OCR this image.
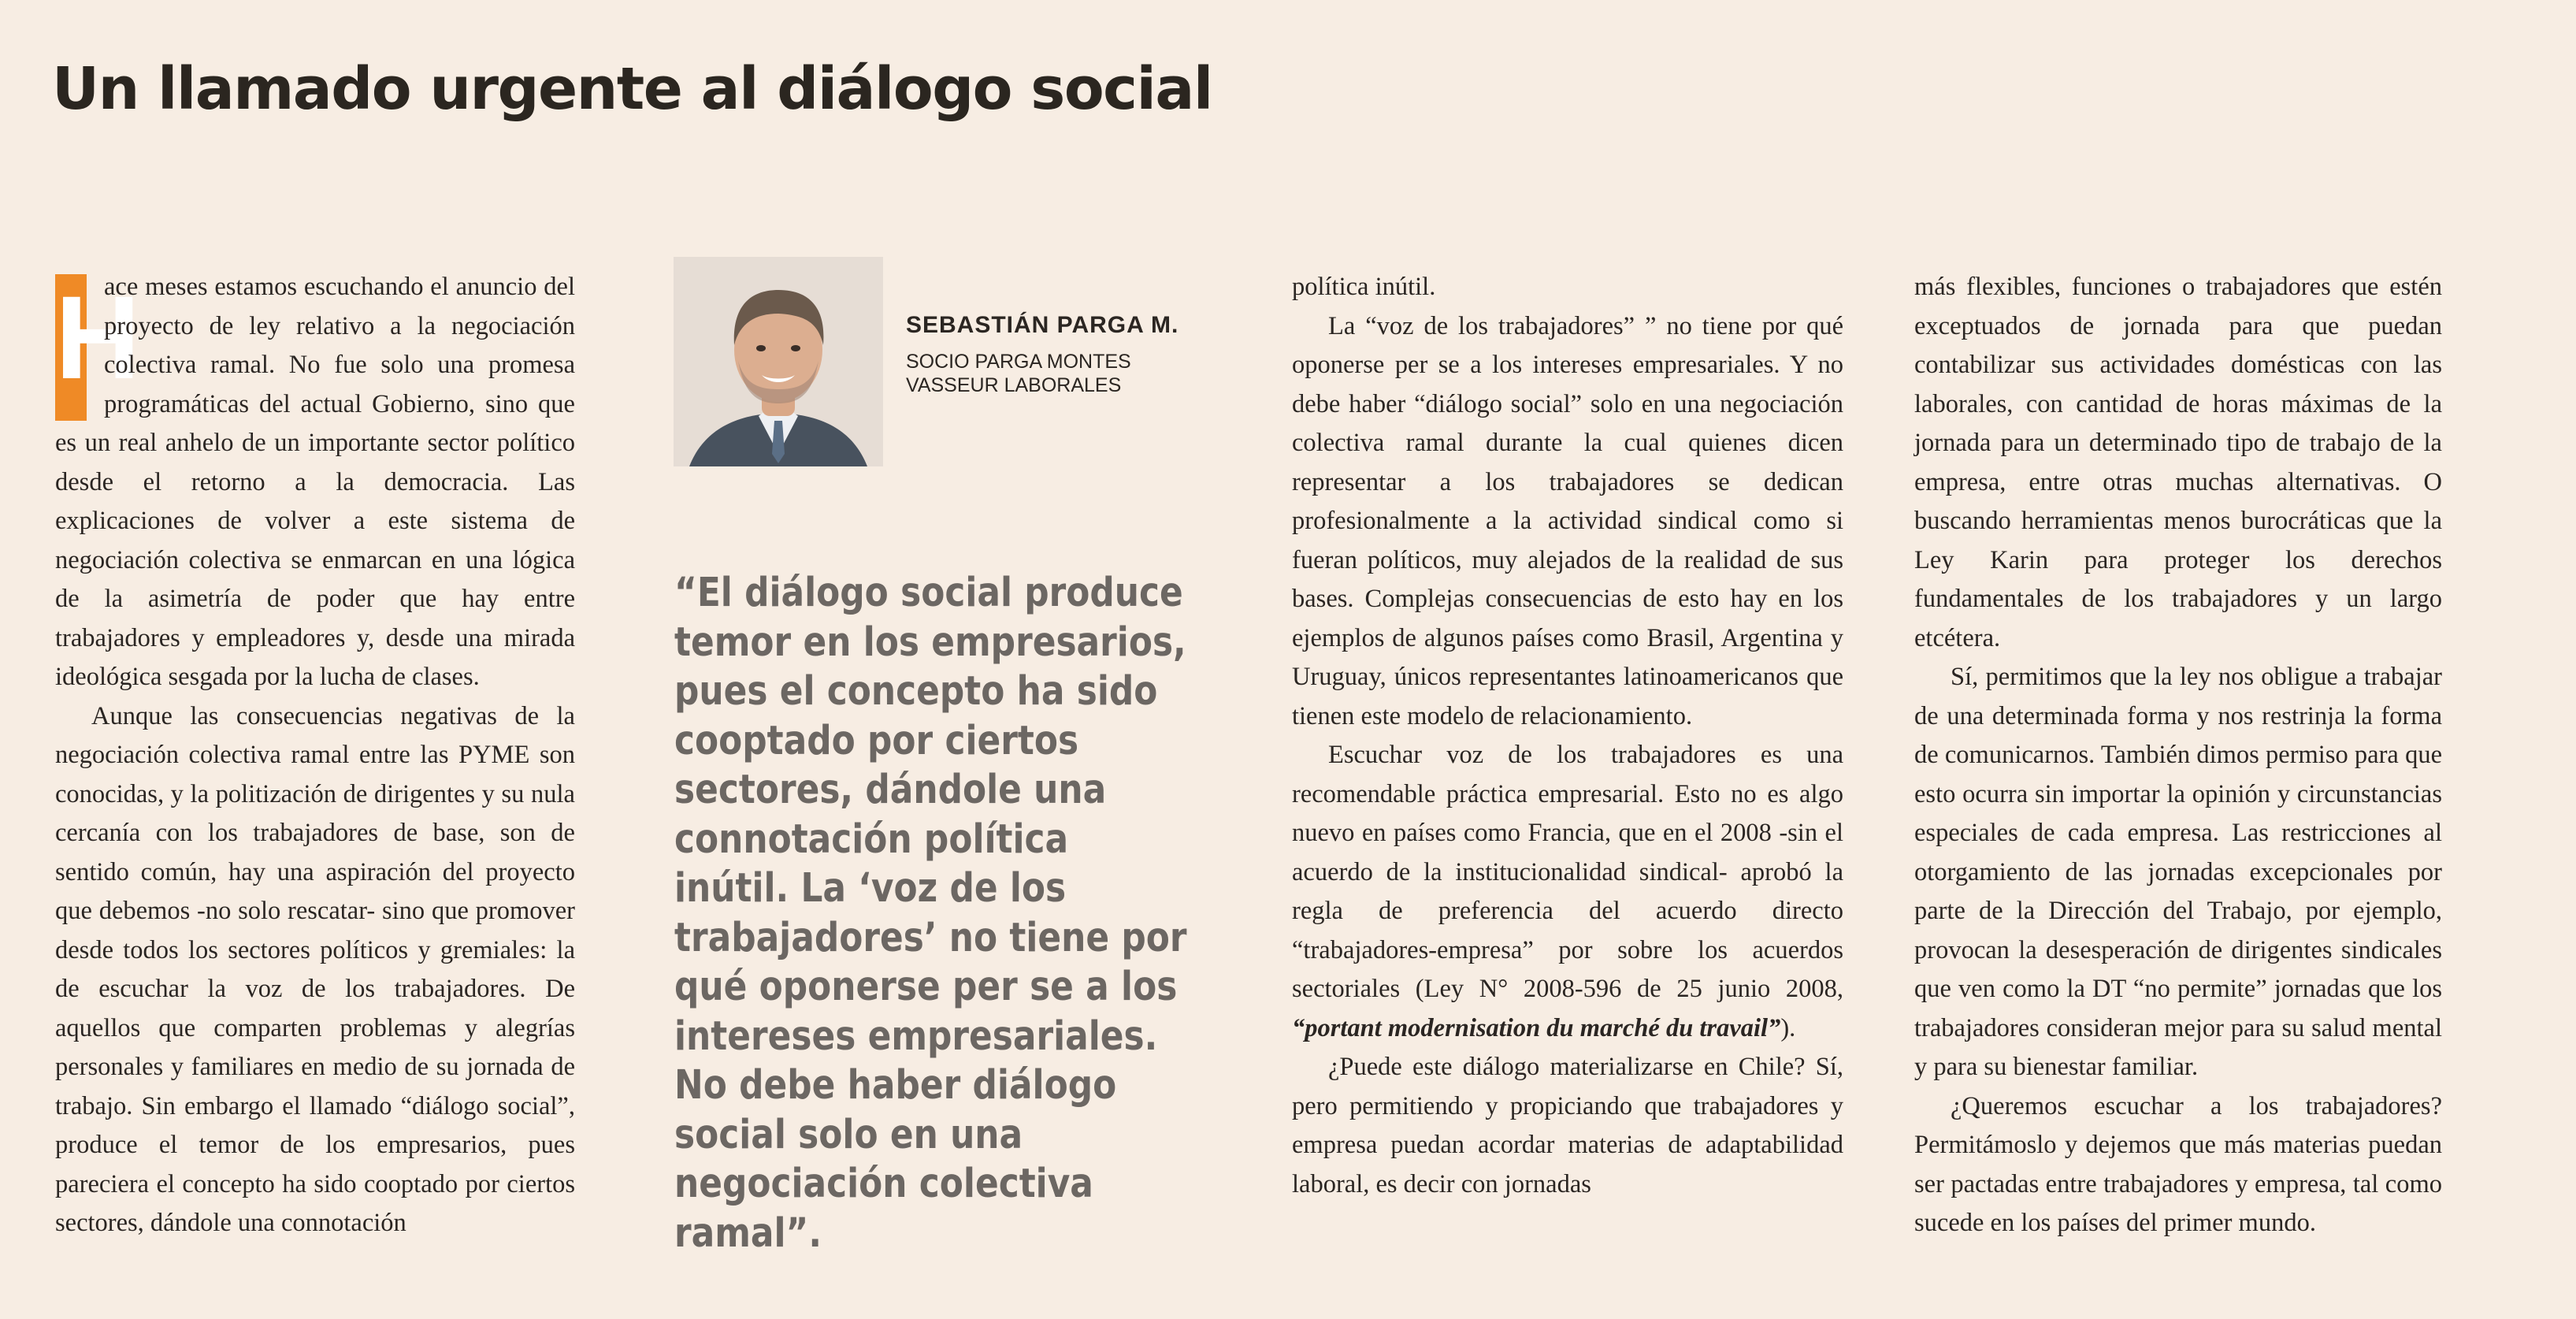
Un llamado urgente al diálogo social

H
ace meses estamos escuchando el anuncio del proyecto de ley relativo a la negociación colectiva ramal. No fue solo una promesa programáticas del actual Gobierno, sino que es un real anhelo de un importante sector político desde el retorno a la democracia. Las explicaciones de volver a este sistema de negociación colectiva se enmarcan en una lógica de la asimetría de poder que hay entre trabajadores y empleadores y, desde una mirada ideológica sesgada por la lucha de clases.

Aunque las consecuencias negativas de la negociación colectiva ramal entre las PYME son conocidas, y la politización de dirigentes y su nula cercanía con los trabajadores de base, son de sentido común, hay una aspiración del proyecto que debemos -no solo rescatar- sino que promover desde todos los sectores políticos y gremiales: la de escuchar la voz de los trabajadores. De aquellos que comparten problemas y alegrías personales y familiares en medio de su jornada de trabajo. Sin embargo el llamado “diálogo social”, produce el temor de los empresarios, pues pareciera el concepto ha sido cooptado por ciertos sectores, dándole una connotación

SEBASTIÁN PARGA M.
SOCIO PARGA MONTES
VASSEUR LABORALES

“El diálogo social produce temor en los empresarios, pues el concepto ha sido cooptado por ciertos sectores, dándole una connotación política inútil. La ‘voz de los trabajadores’ no tiene por qué oponerse per se a los intereses empresariales. No debe haber diálogo social solo en una negociación colectiva ramal”.

política inútil.

La “voz de los trabajadores” ” no tiene por qué oponerse per se a los intereses empresariales. Y no debe haber “diálogo social” solo en una negociación colectiva ramal durante la cual quienes dicen representar a los trabajadores se dedican profesionalmente a la actividad sindical como si fueran políticos, muy alejados de la realidad de sus bases. Complejas consecuencias de esto hay en los ejemplos de algunos países como Brasil, Argentina y Uruguay, únicos representantes latinoamericanos que tienen este modelo de relacionamiento.

Escuchar voz de los trabajadores es una recomendable práctica empresarial. Esto no es algo nuevo en países como Francia, que en el 2008 -sin el acuerdo de la institucionalidad sindical- aprobó la regla de preferencia del acuerdo directo “trabajadores-empresa” por sobre los acuerdos sectoriales (Ley N° 2008-596 de 25 junio 2008, “portant modernisation du marché du travail”).

¿Puede este diálogo materializarse en Chile? Sí, pero permitiendo y propiciando que trabajadores y empresa puedan acordar materias de adaptabilidad laboral, es decir con jornadas

más flexibles, funciones o trabajadores que estén exceptuados de jornada para que puedan contabilizar sus actividades domésticas con las laborales, con cantidad de horas máximas de la jornada para un determinado tipo de trabajo de la empresa, entre otras muchas alternativas. O buscando herramientas menos burocráticas que la Ley Karin para proteger los derechos fundamentales de los trabajadores y un largo etcétera.

Sí, permitimos que la ley nos obligue a trabajar de una determinada forma y nos restrinja la forma de comunicarnos. También dimos permiso para que esto ocurra sin importar la opinión y circunstancias especiales de cada empresa. Las restricciones al otorgamiento de las jornadas excepcionales por parte de la Dirección del Trabajo, por ejemplo, provocan la desesperación de dirigentes sindicales que ven como la DT “no permite” jornadas que los trabajadores consideran mejor para su salud mental y para su bienestar familiar.

¿Queremos escuchar a los trabajadores? Permitámoslo y dejemos que más materias puedan ser pactadas entre trabajadores y empresa, tal como sucede en los países del primer mundo.
